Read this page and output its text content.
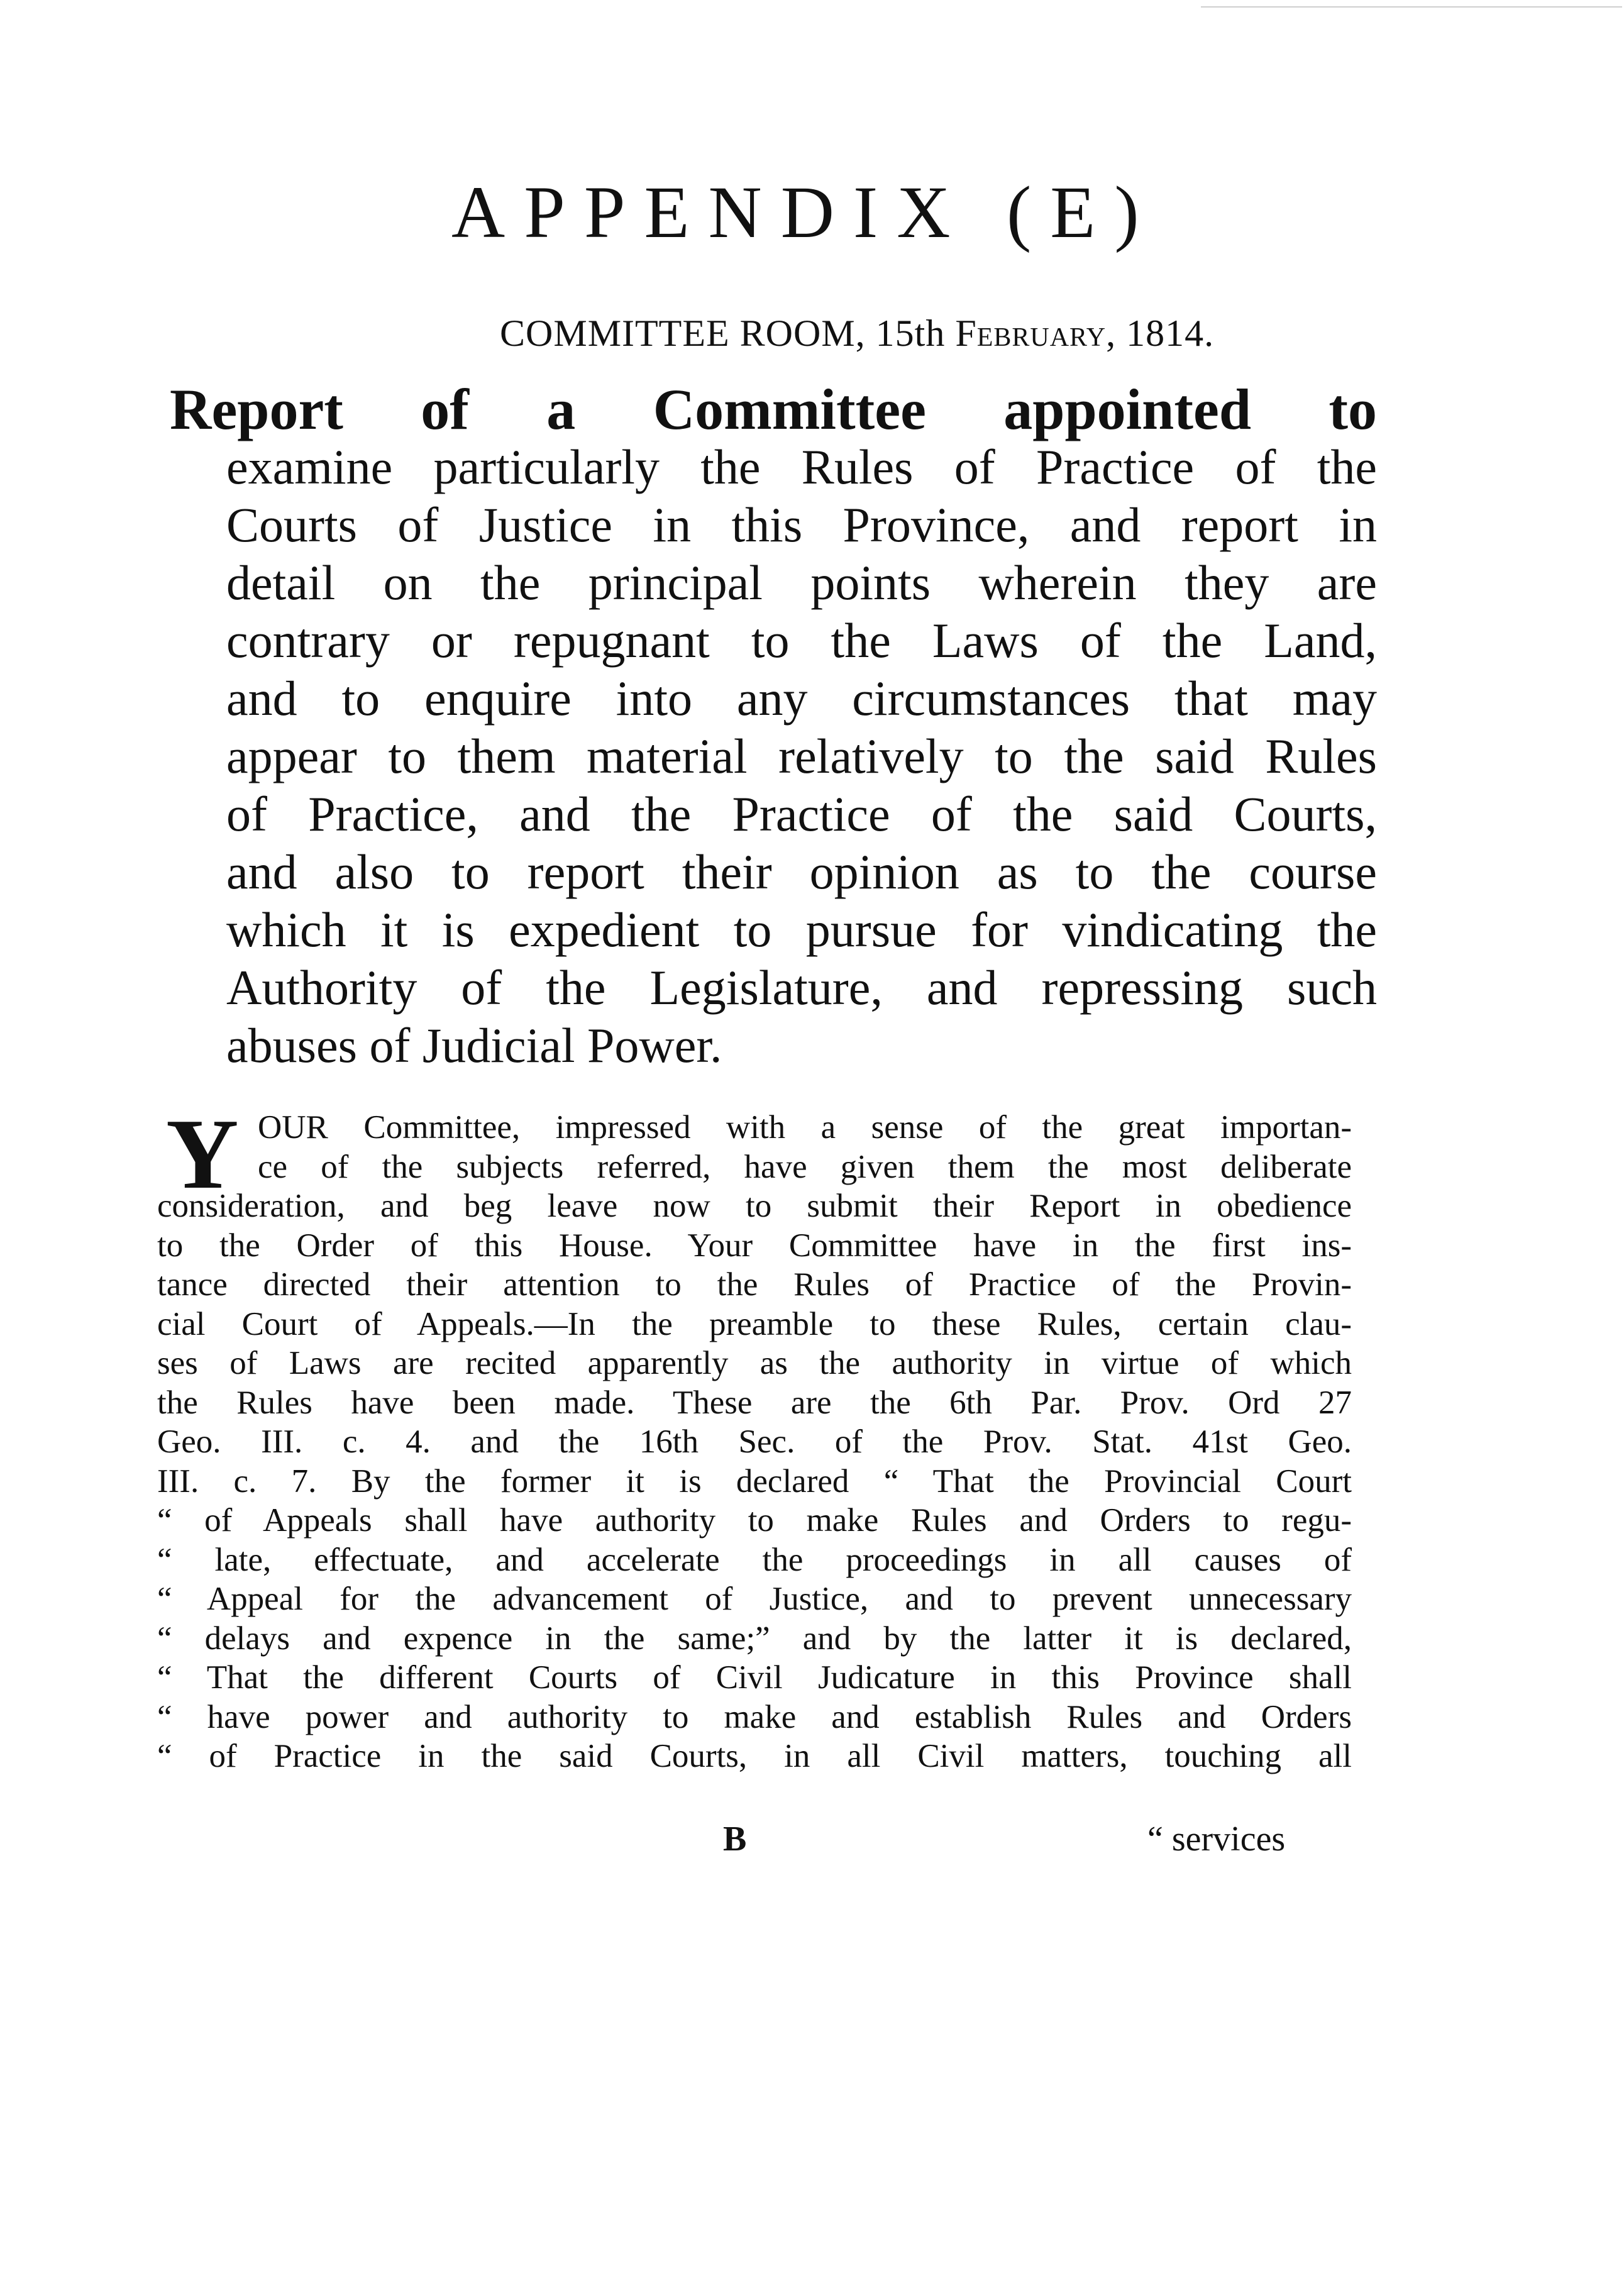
APPENDIX (E)
COMMITTEE ROOM, 15th February, 1814.
Report of a Committee appointed to
examine particularly the Rules of Practice of the
Courts of Justice in this Province, and report in
detail on the principal points wherein they are
contrary or repugnant to the Laws of the Land,
and to enquire into any circumstances that may
appear to them material relatively to the said Rules
of Practice, and the Practice of the said Courts,
and also to report their opinion as to the course
which it is expedient to pursue for vindicating the
Authority of the Legislature, and repressing such
abuses of Judicial Power.
Y OUR Committee, impressed with a sense of the great importan-
ce of the subjects referred, have given them the most deliberate
consideration, and beg leave now to submit their Report in obedience
to the Order of this House. Your Committee have in the first ins-
tance directed their attention to the Rules of Practice of the Provin-
cial Court of Appeals.—In the preamble to these Rules, certain clau-
ses of Laws are recited apparently as the authority in virtue of which
the Rules have been made. These are the 6th Par. Prov. Ord 27
Geo. III. c. 4. and the 16th Sec. of the Prov. Stat. 41st Geo.
III. c. 7. By the former it is declared “ That the Provincial Court
“ of Appeals shall have authority to make Rules and Orders to regu-
“ late, effectuate, and accelerate the proceedings in all causes of
“ Appeal for the advancement of Justice, and to prevent unnecessary
“ delays and expence in the same;” and by the latter it is declared,
“ That the different Courts of Civil Judicature in this Province shall
“ have power and authority to make and establish Rules and Orders
“ of Practice in the said Courts, in all Civil matters, touching all
B	“ services
